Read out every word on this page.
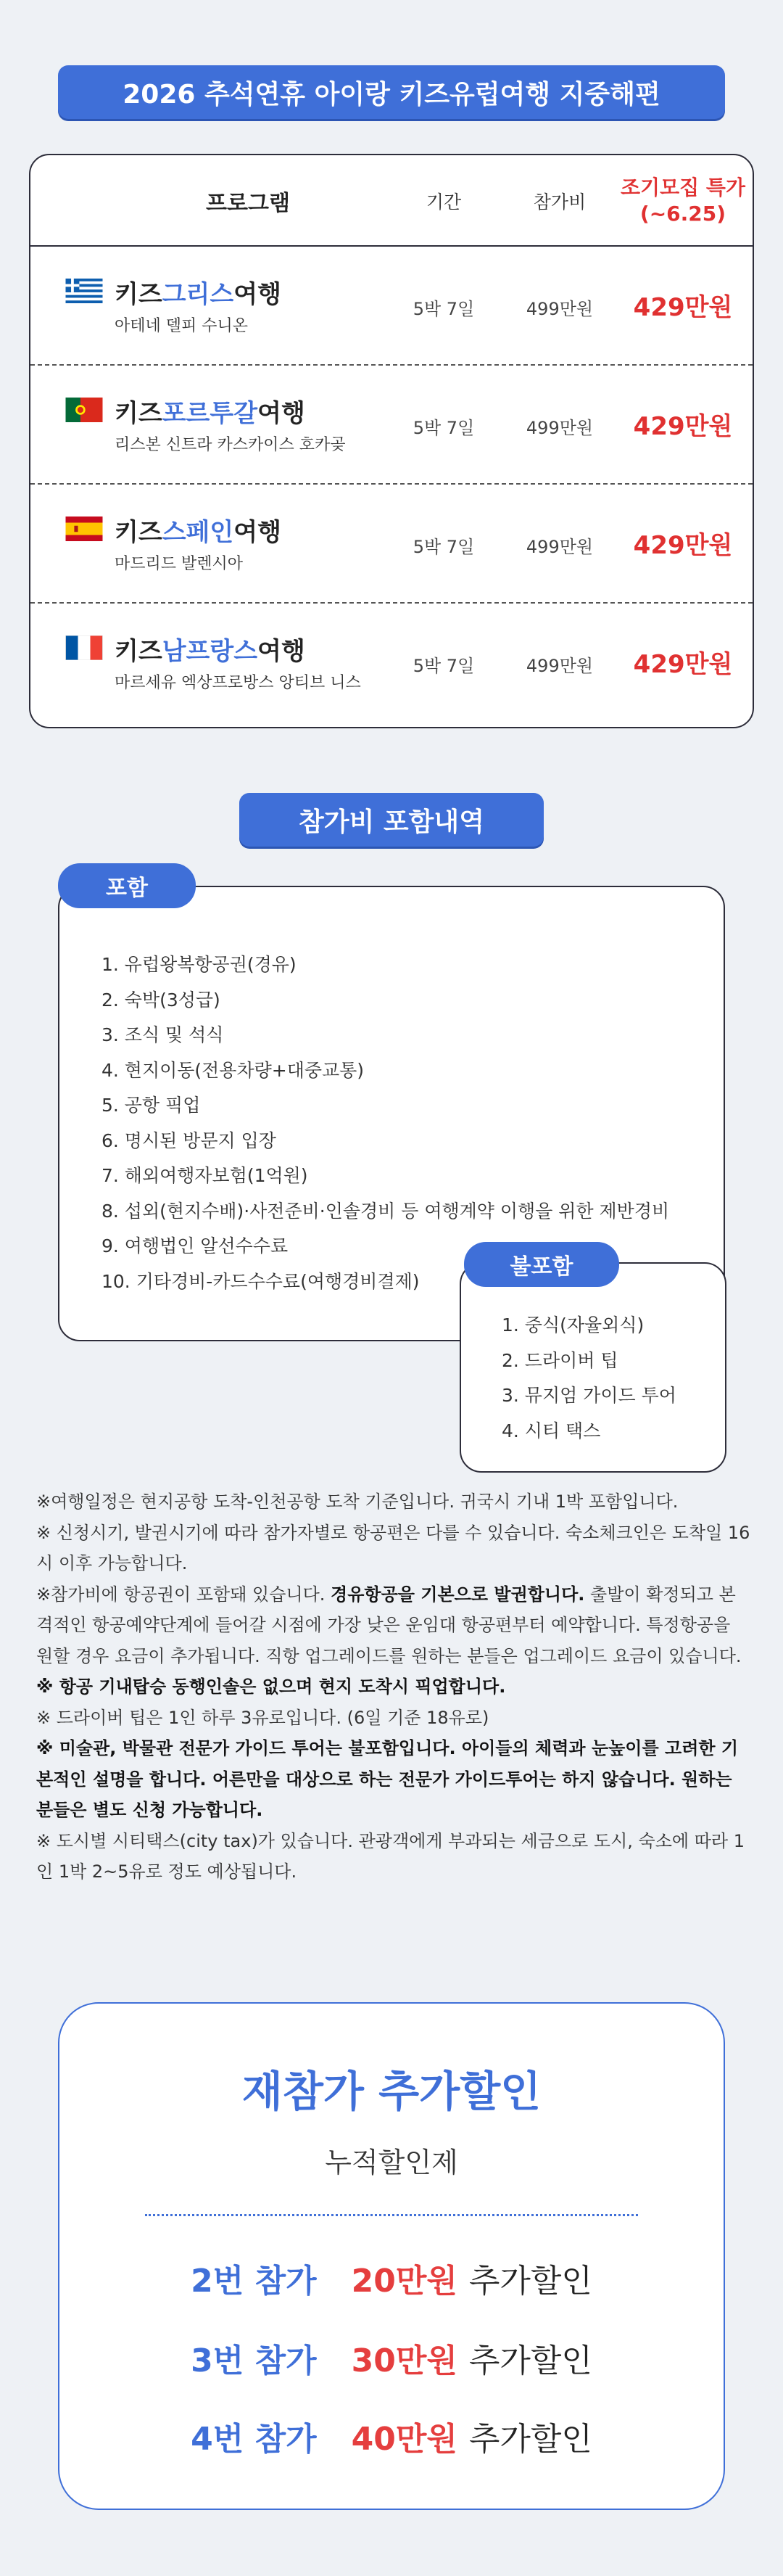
2026 추석연휴 아이랑 키즈유럽여행 지중해편
프로그램	기간	참가비
조기모집 특가
(~6.25)
키즈그리스여행
아테네 델피 수니온
5박 7일	499만원	429만원
키즈포르투갈여행
리스본 신트라 카스카이스 호카곶
5박 7일	499만원	429만원
키즈스페인여행
마드리드 발렌시아
5박 7일	499만원	429만원
키즈남프랑스여행
마르세유 엑상프로방스 앙티브 니스
5박 7일	499만원	429만원
참가비 포함내역
포함
1. 유럽왕복항공권(경유)
2. 숙박(3성급)
3. 조식 및 석식
4. 현지이동(전용차량+대중교통)
5. 공항 픽업
6. 명시된 방문지 입장
7. 해외여행자보험(1억원)
8. 섭외(현지수배)·사전준비·인솔경비 등 여행계약 이행을 위한 제반경비
9. 여행법인 알선수수료
10. 기타경비-카드수수료(여행경비결제)
불포함
1. 중식(자율외식)
2. 드라이버 팁
3. 뮤지엄 가이드 투어
4. 시티 택스

※여행일정은 현지공항 도착-인천공항 도착 기준입니다. 귀국시 기내 1박 포함입니다.

※ 신청시기, 발권시기에 따라 참가자별로 항공편은 다를 수 있습니다. 숙소체크인은 도착일 16시 이후 가능합니다.

※참가비에 항공권이 포함돼 있습니다. 경유항공을 기본으로 발권합니다. 출발이 확정되고 본격적인 항공예약단계에 들어갈 시점에 가장 낮은 운임대 항공편부터 예약합니다. 특정항공을 원할 경우 요금이 추가됩니다. 직항 업그레이드를 원하는 분들은 업그레이드 요금이 있습니다.

※ 항공 기내탑승 동행인솔은 없으며 현지 도착시 픽업합니다.

※ 드라이버 팁은 1인 하루 3유로입니다. (6일 기준 18유로)

※ 미술관, 박물관 전문가 가이드 투어는 불포함입니다. 아이들의 체력과 눈높이를 고려한 기본적인 설명을 합니다. 어른만을 대상으로 하는 전문가 가이드투어는 하지 않습니다. 원하는 분들은 별도 신청 가능합니다.

※ 도시별 시티택스(city tax)가 있습니다. 관광객에게 부과되는 세금으로 도시, 숙소에 따라 1인 1박 2~5유로 정도 예상됩니다.

재참가 추가할인
누적할인제
2번 참가 20만원 추가할인
3번 참가 30만원 추가할인
4번 참가 40만원 추가할인
